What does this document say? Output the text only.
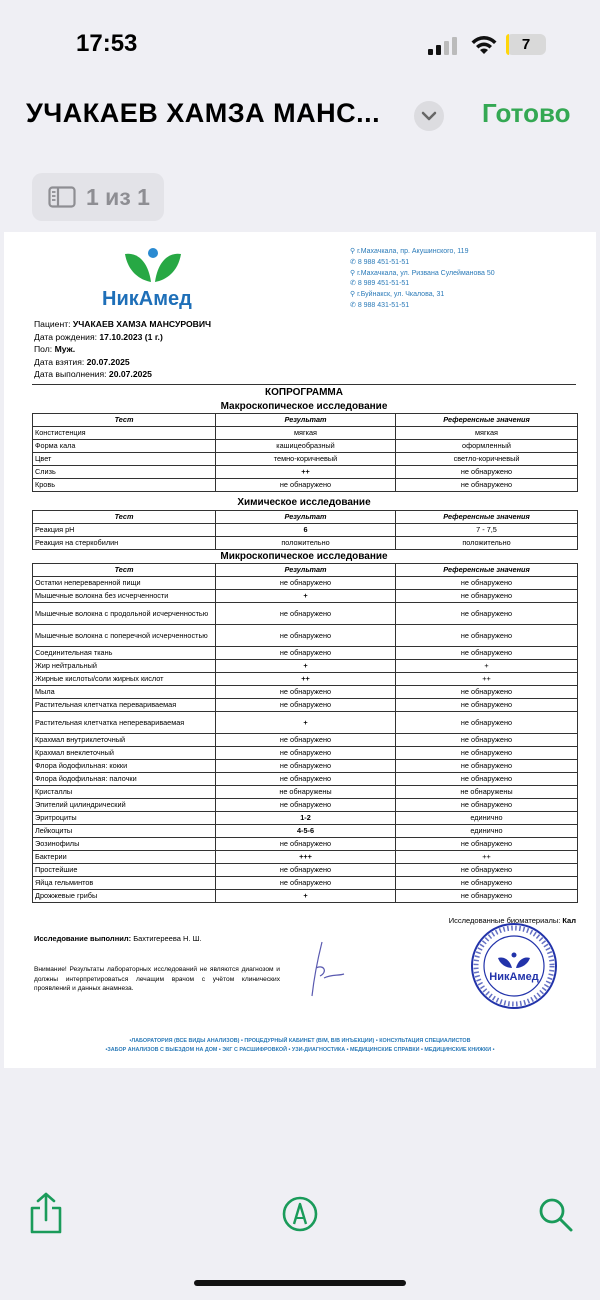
17:53	7
УЧАКАЕВ ХАМЗА МАНС...	Готово
1 из 1
НикАмед
⚲ г.Махачкала, пр. Акушинского, 119
✆ 8 988 451-51-51
⚲ г.Махачкала, ул. Ризвана Сулейманова 50
✆ 8 989 451-51-51
⚲ г.Буйнакск, ул. Чкалова, 31
✆ 8 988 431-51-51
Пациент: УЧАКАЕВ ХАМЗА МАНСУРОВИЧ
Дата рождения: 17.10.2023 (1 г.)
Пол: Муж.
Дата взятия: 20.07.2025
Дата выполнения: 20.07.2025
КОПРОГРАММА
Макроскопическое исследование
Тест	Результат	Референсные значения
Констистенция	мягкая	мягкая
Форма кала	кашицеобразный	оформленный
Цвет	темно-коричневый	светло-коричневый
Слизь	++	не обнаружено
Кровь	не обнаружено	не обнаружено
Химическое исследование
Тест	Результат	Референсные значения
Реакция pH	6	7 - 7,5
Реакция на стеркобилин	положительно	положительно
Микроскопическое исследование
Тест	Результат	Референсные значения
Остатки непереваренной пищи	не обнаружено	не обнаружено
Мышечные волокна без исчерченности	+	не обнаружено
Мышечные волокна с продольной исчерченностью	не обнаружено	не обнаружено
Мышечные волокна с поперечной исчерченностью	не обнаружено	не обнаружено
Соединительная ткань	не обнаружено	не обнаружено
Жир нейтральный	+	+
Жирные кислоты/соли жирных кислот	++	++
Мыла	не обнаружено	не обнаружено
Растительная клетчатка перевариваемая	не обнаружено	не обнаружено
Растительная клетчатка неперевариваемая	+	не обнаружено
Крахмал внутриклеточный	не обнаружено	не обнаружено
Крахмал внеклеточный	не обнаружено	не обнаружено
Флора йодофильная: кокки	не обнаружено	не обнаружено
Флора йодофильная: палочки	не обнаружено	не обнаружено
Кристаллы	не обнаружены	не обнаружены
Эпителий цилиндрический	не обнаружено	не обнаружено
Эритроциты	1-2	единично
Лейкоциты	4-5-6	единично
Эозинофилы	не обнаружено	не обнаружено
Бактерии	+++	++
Простейшие	не обнаружено	не обнаружено
Яйца гельминтов	не обнаружено	не обнаружено
Дрожжевые грибы	+	не обнаружено
Исследованные биоматериалы: Кал
Исследование выполнил: Бахтигереева Н. Ш.
Внимание! Результаты лабораторных исследований не являются диагнозом и должны интерпретироваться лечащим врачом с учётом клинических проявлений и данных анамнеза.
НикАмед
•ЛАБОРАТОРИЯ (ВСЕ ВИДЫ АНАЛИЗОВ) • ПРОЦЕДУРНЫЙ КАБИНЕТ (В/М, В/В ИНЪЕКЦИИ) • КОНСУЛЬТАЦИЯ СПЕЦИАЛИСТОВ
•ЗАБОР АНАЛИЗОВ С ВЫЕЗДОМ НА ДОМ • ЭКГ С РАСШИФРОВКОЙ • УЗИ-ДИАГНОСТИКА • МЕДИЦИНСКИЕ СПРАВКИ • МЕДИЦИНСКИЕ КНИЖКИ •
